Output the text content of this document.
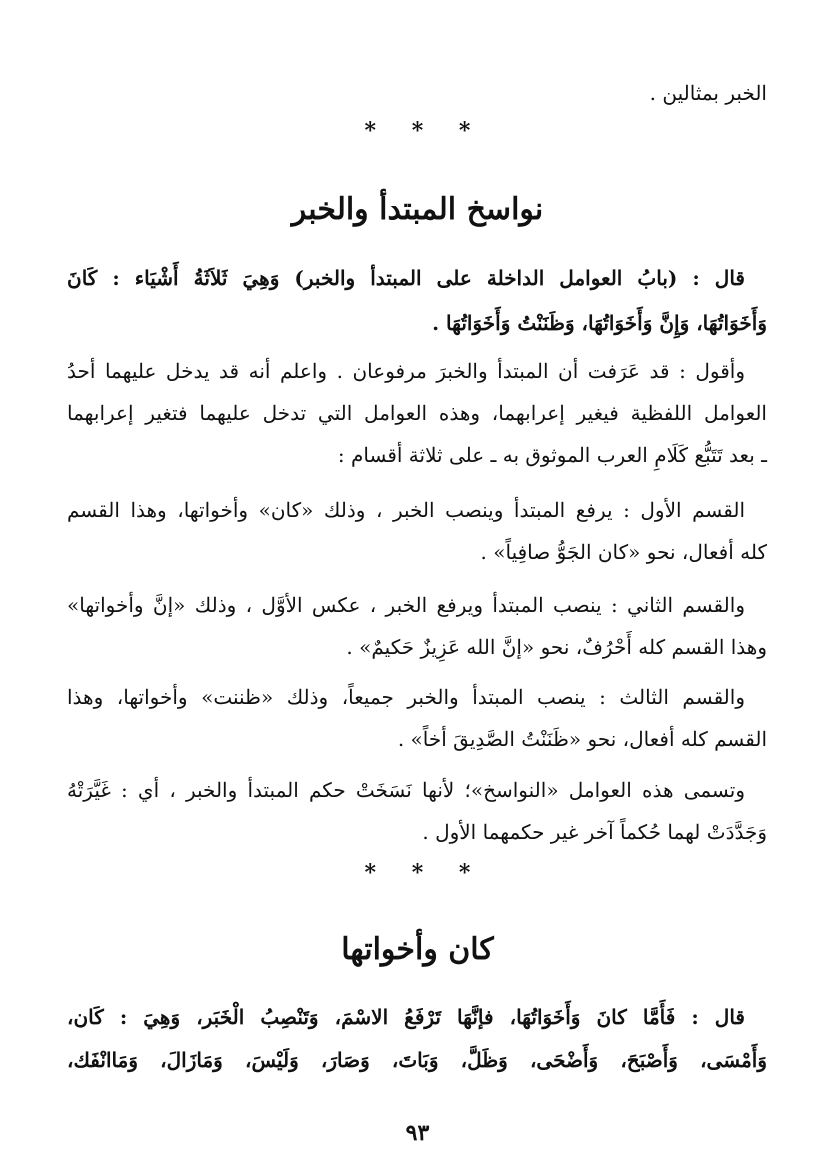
الخبر بمثالين .
* * *
نواسخ المبتدأ والخبر
قال : (بابُ العوامل الداخلة على المبتدأ والخبر) وَهِيَ ثَلاَثَةُ أَشْيَاء : كَانَ
وَأَخَوَاتُهَا، وَإِنَّ وَأَخَوَاتُهَا، وَظَنَنْتُ وَأَخَوَاتُهَا .
وأقول : قد عَرَفت أن المبتدأ والخبرَ مرفوعان . واعلم أنه قد يدخل عليهما أحدُ
العوامل اللفظية فيغير إعرابهما، وهذه العوامل التي تدخل عليهما فتغير إعرابهما
ـ بعد تَتَبُّع كَلَامِ العرب الموثوق به ـ على ثلاثة أقسام :
القسم الأول : يرفع المبتدأ وينصب الخبر ، وذلك «كان» وأخواتها، وهذا القسم
كله أفعال، نحو «كان الجَوُّ صافِياً» .
والقسم الثاني : ينصب المبتدأ ويرفع الخبر ، عكس الأوَّل ، وذلك «إنَّ وأخواتها»
وهذا القسم كله أَحْرُفٌ، نحو «إنَّ الله عَزِيزٌ حَكيمٌ» .
والقسم الثالث : ينصب المبتدأ والخبر جميعاً، وذلك «ظننت» وأخواتها، وهذا
القسم كله أفعال، نحو «ظَنَنْتُ الصَّدِيقَ أخاً» .
وتسمى هذه العوامل «النواسخ»؛ لأنها نَسَخَتْ حكم المبتدأ والخبر ، أي : غَيَّرَتْهُ
وَجَدَّدَتْ لهما حُكماً آخر غير حكمهما الأول .
* * *
كان وأخواتها
قال : فَأَمَّا كانَ وَأَخَوَاتُهَا، فإنَّهَا تَرْفَعُ الاسْمَ، وَتَنْصِبُ الْخَبَر، وَهِيَ : كَان،
وَأَمْسَى، وَأَصْبَحَ، وَأَضْحَى، وَظَلَّ، وَبَاتَ، وَصَارَ، وَلَيْسَ، وَمَازَالَ، وَمَاانْفَك،
٩٣
